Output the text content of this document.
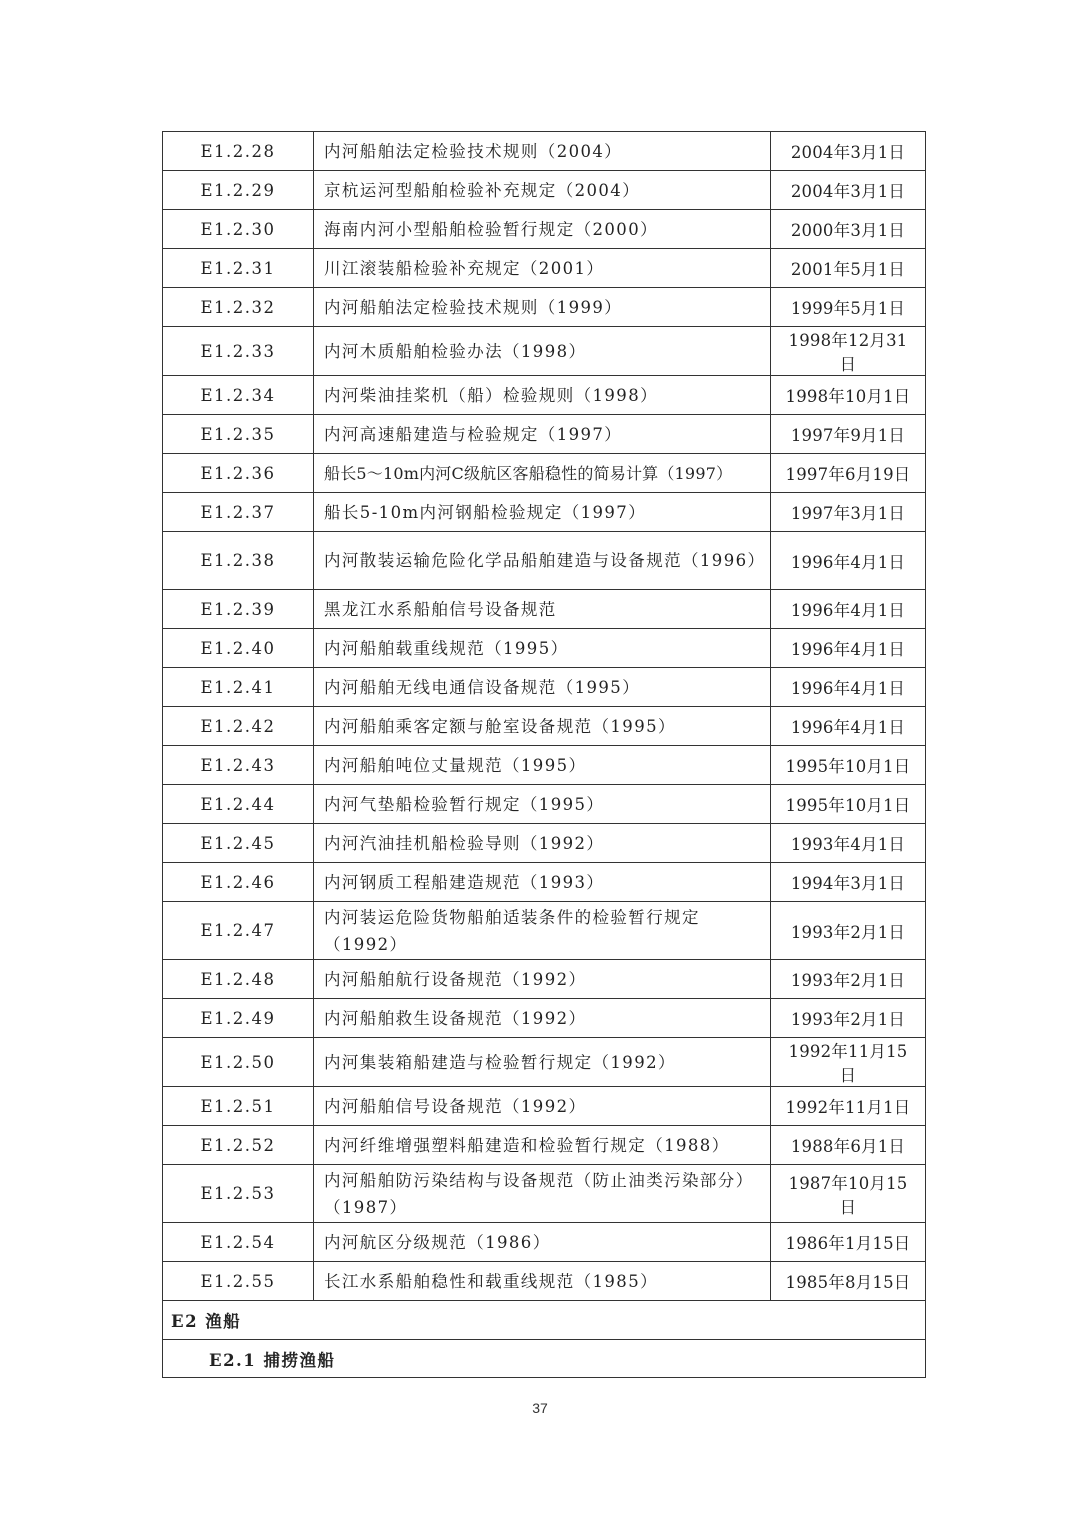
E1.2.28	内河船舶法定检验技术规则（2004）	2004年3月1日
E1.2.29	京杭运河型船舶检验补充规定（2004）	2004年3月1日
E1.2.30	海南内河小型船舶检验暂行规定（2000）	2000年3月1日
E1.2.31	川江滚装船检验补充规定（2001）	2001年5月1日
E1.2.32	内河船舶法定检验技术规则（1999）	1999年5月1日
E1.2.33	内河木质船舶检验办法（1998）	1998年12月31日
E1.2.34	内河柴油挂桨机（船）检验规则（1998）	1998年10月1日
E1.2.35	内河高速船建造与检验规定（1997）	1997年9月1日
E1.2.36	船长5～10m内河C级航区客船稳性的简易计算（1997）	1997年6月19日
E1.2.37	船长5-10m内河钢船检验规定（1997）	1997年3月1日
E1.2.38	内河散装运输危险化学品船舶建造与设备规范（1996）	1996年4月1日
E1.2.39	黑龙江水系船舶信号设备规范	1996年4月1日
E1.2.40	内河船舶载重线规范（1995）	1996年4月1日
E1.2.41	内河船舶无线电通信设备规范（1995）	1996年4月1日
E1.2.42	内河船舶乘客定额与舱室设备规范（1995）	1996年4月1日
E1.2.43	内河船舶吨位丈量规范（1995）	1995年10月1日
E1.2.44	内河气垫船检验暂行规定（1995）	1995年10月1日
E1.2.45	内河汽油挂机船检验导则（1992）	1993年4月1日
E1.2.46	内河钢质工程船建造规范（1993）	1994年3月1日
E1.2.47	内河装运危险货物船舶适装条件的检验暂行规定（1992）	1993年2月1日
E1.2.48	内河船舶航行设备规范（1992）	1993年2月1日
E1.2.49	内河船舶救生设备规范（1992）	1993年2月1日
E1.2.50	内河集装箱船建造与检验暂行规定（1992）	1992年11月15日
E1.2.51	内河船舶信号设备规范（1992）	1992年11月1日
E1.2.52	内河纤维增强塑料船建造和检验暂行规定（1988）	1988年6月1日
E1.2.53	内河船舶防污染结构与设备规范（防止油类污染部分）（1987）	1987年10月15日
E1.2.54	内河航区分级规范（1986）	1986年1月15日
E1.2.55	长江水系船舶稳性和载重线规范（1985）	1985年8月15日
E2 渔船		
E2.1 捕捞渔船		
37
